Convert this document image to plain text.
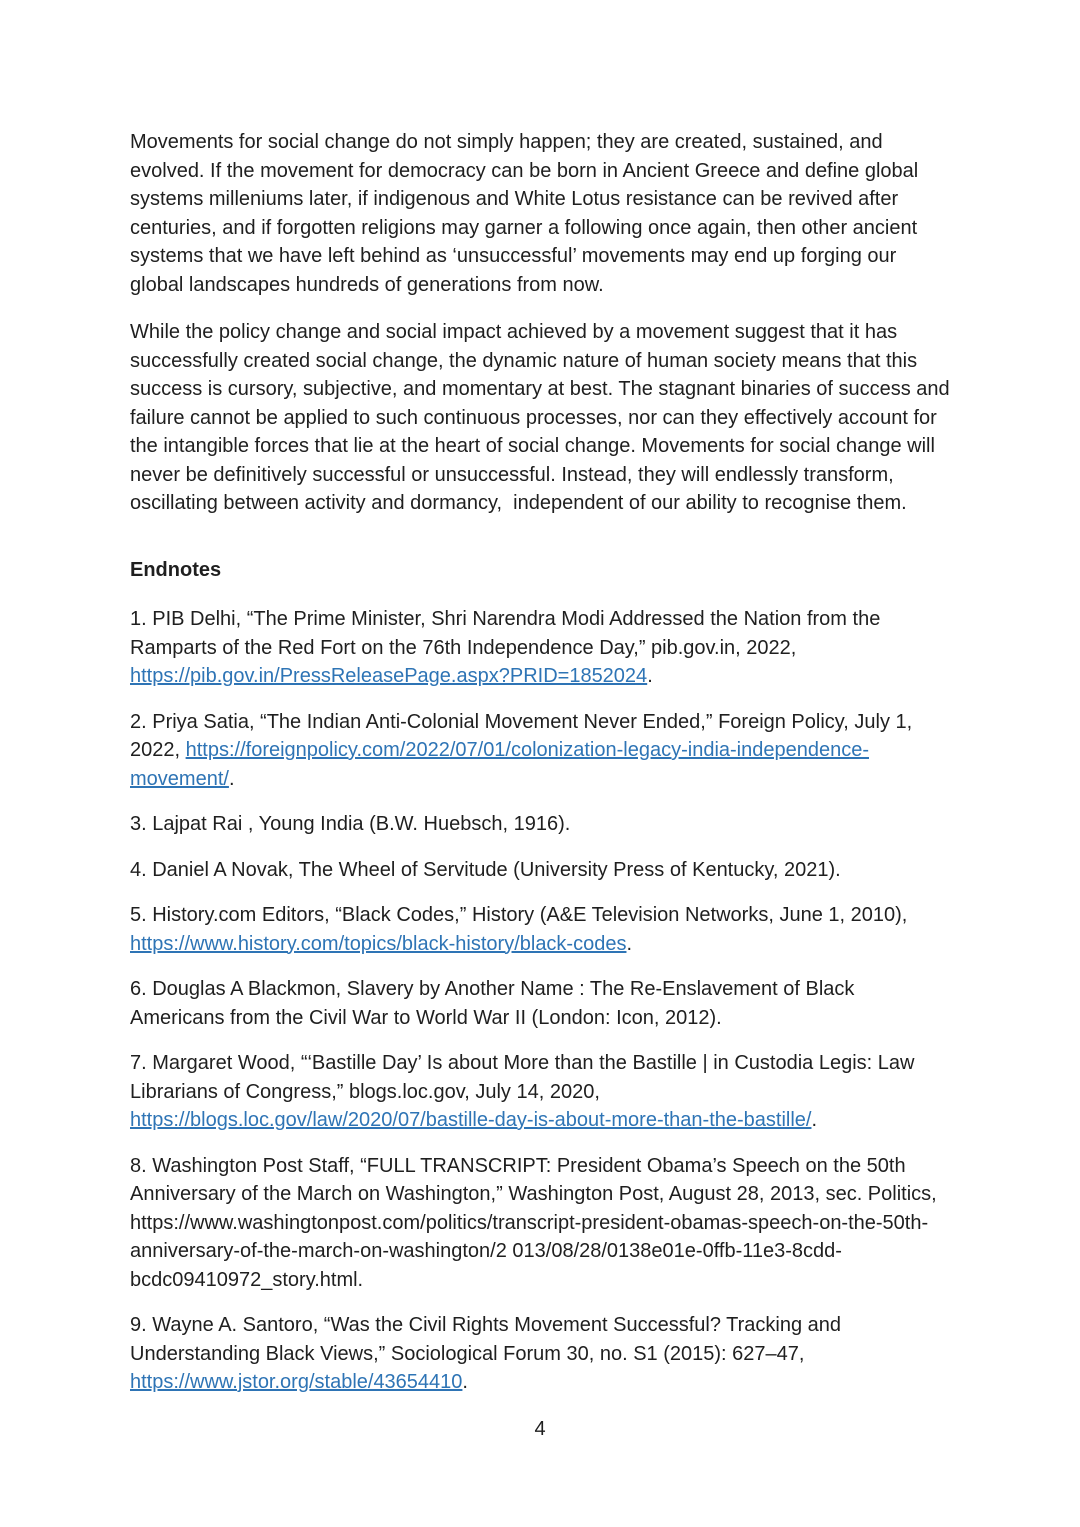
Movements for social change do not simply happen; they are created, sustained, and evolved. If the movement for democracy can be born in Ancient Greece and define global systems milleniums later, if indigenous and White Lotus resistance can be revived after centuries, and if forgotten religions may garner a following once again, then other ancient systems that we have left behind as ‘unsuccessful’ movements may end up forging our global landscapes hundreds of generations from now.

While the policy change and social impact achieved by a movement suggest that it has successfully created social change, the dynamic nature of human society means that this success is cursory, subjective, and momentary at best. The stagnant binaries of success and failure cannot be applied to such continuous processes, nor can they effectively account for the intangible forces that lie at the heart of social change. Movements for social change will never be definitively successful or unsuccessful. Instead, they will endlessly transform, oscillating between activity and dormancy,  independent of our ability to recognise them.

Endnotes

1. PIB Delhi, “The Prime Minister, Shri Narendra Modi Addressed the Nation from the Ramparts of the Red Fort on the 76th Independence Day,” pib.gov.in, 2022, https://pib.gov.in/PressReleasePage.aspx?PRID=1852024.

2. Priya Satia, “The Indian Anti-Colonial Movement Never Ended,” Foreign Policy, July 1, 2022, https://foreignpolicy.com/2022/07/01/colonization-legacy-india-independence-movement/.

3. Lajpat Rai , Young India (B.W. Huebsch, 1916).

4. Daniel A Novak, The Wheel of Servitude (University Press of Kentucky, 2021).

5. History.com Editors, “Black Codes,” History (A&E Television Networks, June 1, 2010), https://www.history.com/topics/black-history/black-codes.

6. Douglas A Blackmon, Slavery by Another Name : The Re-Enslavement of Black Americans from the Civil War to World War II (London: Icon, 2012).

7. Margaret Wood, “‘Bastille Day’ Is about More than the Bastille | in Custodia Legis: Law Librarians of Congress,” blogs.loc.gov, July 14, 2020, https://blogs.loc.gov/law/2020/07/bastille-day-is-about-more-than-the-bastille/.

8. Washington Post Staff, “FULL TRANSCRIPT: President Obama’s Speech on the 50th Anniversary of the March on Washington,” Washington Post, August 28, 2013, sec. Politics, https://www.washingtonpost.com/politics/transcript-president-obamas-speech-on-the-50th-anniversary-of-the-march-on-washington/2 013/08/28/0138e01e-0ffb-11e3-8cdd-bcdc09410972_story.html.

9. Wayne A. Santoro, “Was the Civil Rights Movement Successful? Tracking and Understanding Black Views,” Sociological Forum 30, no. S1 (2015): 627–47, https://www.jstor.org/stable/43654410.

4
